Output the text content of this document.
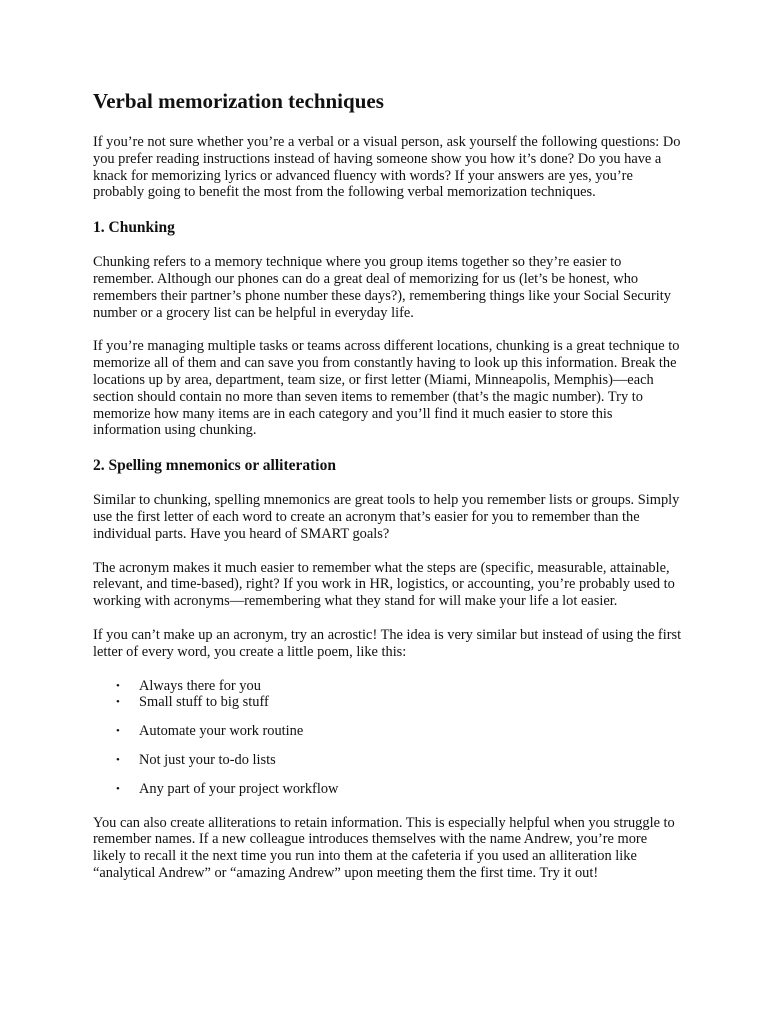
Verbal memorization techniques

If you’re not sure whether you’re a verbal or a visual person, ask yourself the following questions: Do you prefer reading instructions instead of having someone show you how it’s done? Do you have a knack for memorizing lyrics or advanced fluency with words? If your answers are yes, you’re probably going to benefit the most from the following verbal memorization techniques.

1. Chunking

Chunking refers to a memory technique where you group items together so they’re easier to remember. Although our phones can do a great deal of memorizing for us (let’s be honest, who remembers their partner’s phone number these days?), remembering things like your Social Security number or a grocery list can be helpful in everyday life.

If you’re managing multiple tasks or teams across different locations, chunking is a great technique to memorize all of them and can save you from constantly having to look up this information. Break the locations up by area, department, team size, or first letter (Miami, Minneapolis, Memphis)—each section should contain no more than seven items to remember (that’s the magic number). Try to memorize how many items are in each category and you’ll find it much easier to store this information using chunking.

2. Spelling mnemonics or alliteration

Similar to chunking, spelling mnemonics are great tools to help you remember lists or groups. Simply use the first letter of each word to create an acronym that’s easier for you to remember than the individual parts. Have you heard of SMART goals?

The acronym makes it much easier to remember what the steps are (specific, measurable, attainable, relevant, and time-based), right? If you work in HR, logistics, or accounting, you’re probably used to working with acronyms—remembering what they stand for will make your life a lot easier.

If you can’t make up an acronym, try an acrostic! The idea is very similar but instead of using the first letter of every word, you create a little poem, like this:

• Always there for you
• Small stuff to big stuff
• Automate your work routine
• Not just your to-do lists
• Any part of your project workflow

You can also create alliterations to retain information. This is especially helpful when you struggle to remember names. If a new colleague introduces themselves with the name Andrew, you’re more likely to recall it the next time you run into them at the cafeteria if you used an alliteration like “analytical Andrew” or “amazing Andrew” upon meeting them the first time. Try it out!
